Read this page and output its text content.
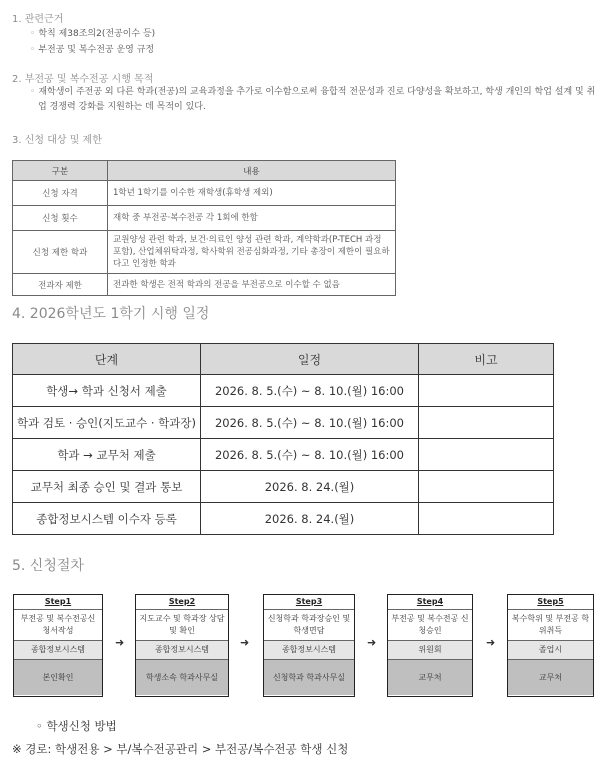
1. 관련근거
◦ 학칙 제38조의2(전공이수 등)
◦ 부전공 및 복수전공 운영 규정
2. 부전공 및 복수전공 시행 목적
◦ 재학생이 주전공 외 다른 학과(전공)의 교육과정을 추가로 이수함으로써 융합적 전문성과 진로 다양성을 확보하고, 학생 개인의 학업 설계 및 취업 경쟁력 강화를 지원하는 데 목적이 있다.
3. 신청 대상 및 제한
구분	내용
신청 자격	1학년 1학기를 이수한 재학생(휴학생 제외)
신청 횟수	재학 중 부전공·복수전공 각 1회에 한함
신청 제한 학과	교원양성 관련 학과, 보건·의료인 양성 관련 학과, 계약학과(P-TECH 과정 포함), 산업체위탁과정, 학사학위 전공심화과정, 기타 총장이 제한이 필요하다고 인정한 학과
전과자 제한	전과한 학생은 전적 학과의 전공을 부전공으로 이수할 수 없음
4. 2026학년도 1학기 시행 일정
단계	일정	비고
학생→ 학과 신청서 제출	2026. 8. 5.(수) ~ 8. 10.(월) 16:00	
학과 검토 · 승인(지도교수 · 학과장)	2026. 8. 5.(수) ~ 8. 10.(월) 16:00	
학과 → 교무처 제출	2026. 8. 5.(수) ~ 8. 10.(월) 16:00	
교무처 최종 승인 및 결과 통보	2026. 8. 24.(월)	
종합정보시스템 이수자 등록	2026. 8. 24.(월)	
5. 신청절차
Step1
부전공 및 복수전공신청서작성
종합정보시스템
본인확인
➜
Step2
지도교수 및 학과장 상담 및 확인
종합정보시스템
학생소속 학과사무실
➜
Step3
신청학과 학과장승인 및 학생면담
종합정보시스템
신청학과 학과사무실
➜
Step4
부전공 및 복수전공 신청승인
위원회
교무처
➜
Step5
복수학위 및 부전공 학위취득
졸업시
교무처
◦ 학생신청 방법
※ 경로: 학생전용 > 부/복수전공관리 > 부전공/복수전공 학생 신청
